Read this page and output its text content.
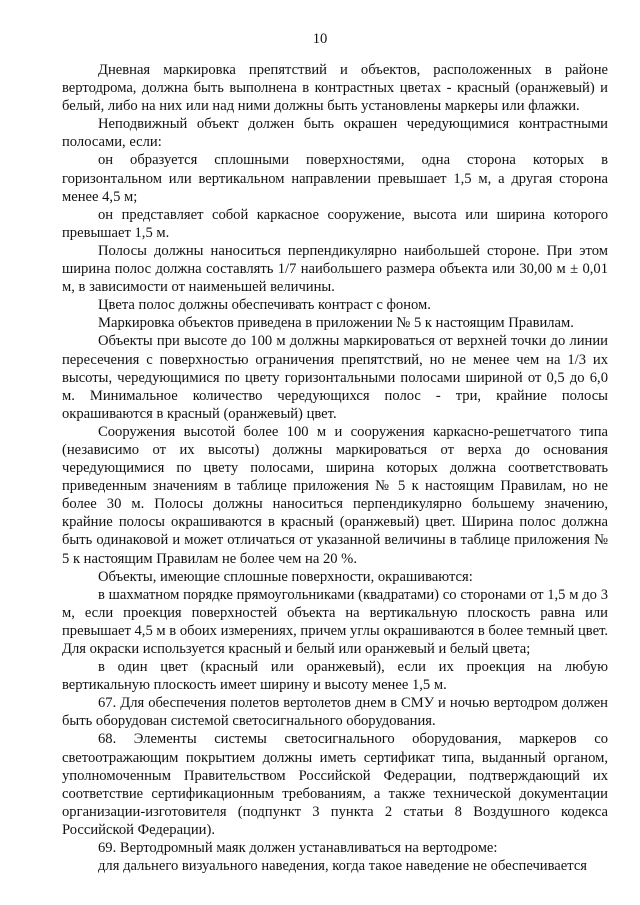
10

Дневная маркировка препятствий и объектов, расположенных в районе вертодрома, должна быть выполнена в контрастных цветах - красный (оранжевый) и белый, либо на них или над ними должны быть установлены маркеры или флажки.

Неподвижный объект должен быть окрашен чередующимися контрастными полосами, если:

он образуется сплошными поверхностями, одна сторона которых в горизонтальном или вертикальном направлении превышает 1,5 м, а другая сторона менее 4,5 м;

он представляет собой каркасное сооружение, высота или ширина которого превышает 1,5 м.

Полосы должны наноситься перпендикулярно наибольшей стороне. При этом ширина полос должна составлять 1/7 наибольшего размера объекта или 30,00 м ± 0,01 м, в зависимости от наименьшей величины.

Цвета полос должны обеспечивать контраст с фоном.

Маркировка объектов приведена в приложении № 5 к настоящим Правилам.

Объекты при высоте до 100 м должны маркироваться от верхней точки до линии пересечения с поверхностью ограничения препятствий, но не менее чем на 1/3 их высоты, чередующимися по цвету горизонтальными полосами шириной от 0,5 до 6,0 м. Минимальное количество чередующихся полос - три, крайние полосы окрашиваются в красный (оранжевый) цвет.

Сооружения высотой более 100 м и сооружения каркасно-решетчатого типа (независимо от их высоты) должны маркироваться от верха до основания чередующимися по цвету полосами, ширина которых должна соответствовать приведенным значениям в таблице приложения № 5 к настоящим Правилам, но не более 30 м. Полосы должны наноситься перпендикулярно большему значению, крайние полосы окрашиваются в красный (оранжевый) цвет. Ширина полос должна быть одинаковой и может отличаться от указанной величины в таблице приложения № 5 к настоящим Правилам не более чем на 20 %.

Объекты, имеющие сплошные поверхности, окрашиваются:

в шахматном порядке прямоугольниками (квадратами) со сторонами от 1,5 м до 3 м, если проекция поверхностей объекта на вертикальную плоскость равна или превышает 4,5 м в обоих измерениях, причем углы окрашиваются в более темный цвет. Для окраски используется красный и белый или оранжевый и белый цвета;

в один цвет (красный или оранжевый), если их проекция на любую вертикальную плоскость имеет ширину и высоту менее 1,5 м.

67. Для обеспечения полетов вертолетов днем в СМУ и ночью вертодром должен быть оборудован системой светосигнального оборудования.

68. Элементы системы светосигнального оборудования, маркеров со светоотражающим покрытием должны иметь сертификат типа, выданный органом, уполномоченным Правительством Российской Федерации, подтверждающий их соответствие сертификационным требованиям, а также технической документации организации-изготовителя (подпункт 3 пункта 2 статьи 8 Воздушного кодекса Российской Федерации).

69. Вертодромный маяк должен устанавливаться на вертодроме:

для дальнего визуального наведения, когда такое наведение не обеспечивается
